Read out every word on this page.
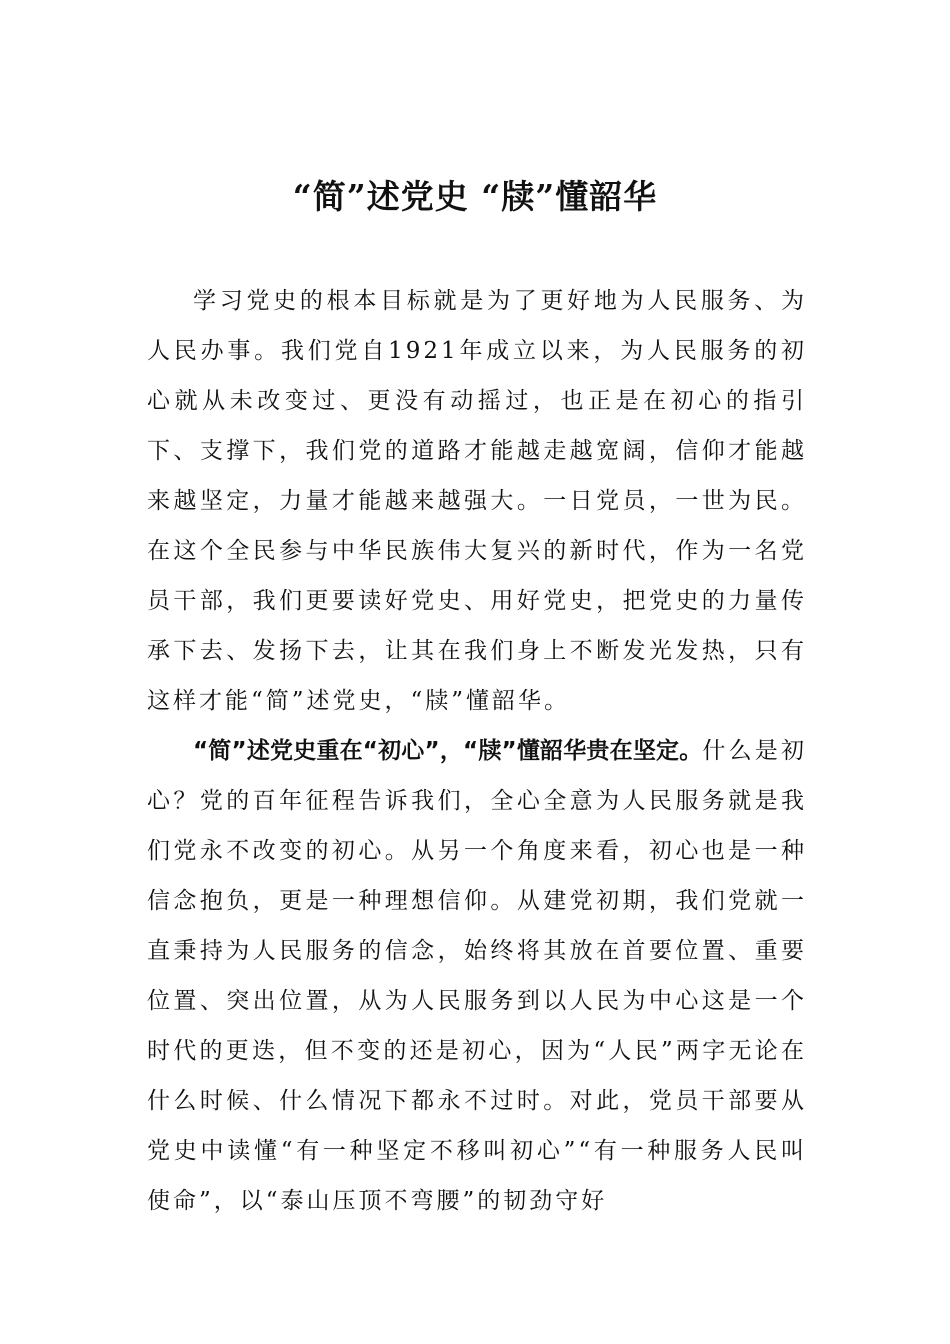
“简”述党史 “牍”懂韶华

学习党史的根本目标就是为了更好地为人民服务、为人民办事。我们党自1921年成立以来，为人民服务的初心就从未改变过、更没有动摇过，也正是在初心的指引下、支撑下，我们党的道路才能越走越宽阔，信仰才能越来越坚定，力量才能越来越强大。一日党员，一世为民。在这个全民参与中华民族伟大复兴的新时代，作为一名党员干部，我们更要读好党史、用好党史，把党史的力量传承下去、发扬下去，让其在我们身上不断发光发热，只有这样才能“简”述党史，“牍”懂韶华。

“简”述党史重在“初心”，“牍”懂韶华贵在坚定。什么是初心？党的百年征程告诉我们，全心全意为人民服务就是我们党永不改变的初心。从另一个角度来看，初心也是一种信念抱负，更是一种理想信仰。从建党初期，我们党就一直秉持为人民服务的信念，始终将其放在首要位置、重要位置、突出位置，从为人民服务到以人民为中心这是一个时代的更迭，但不变的还是初心，因为“人民”两字无论在什么时候、什么情况下都永不过时。对此，党员干部要从党史中读懂“有一种坚定不移叫初心”“有一种服务人民叫使命”，以“泰山压顶不弯腰”的韧劲守好
